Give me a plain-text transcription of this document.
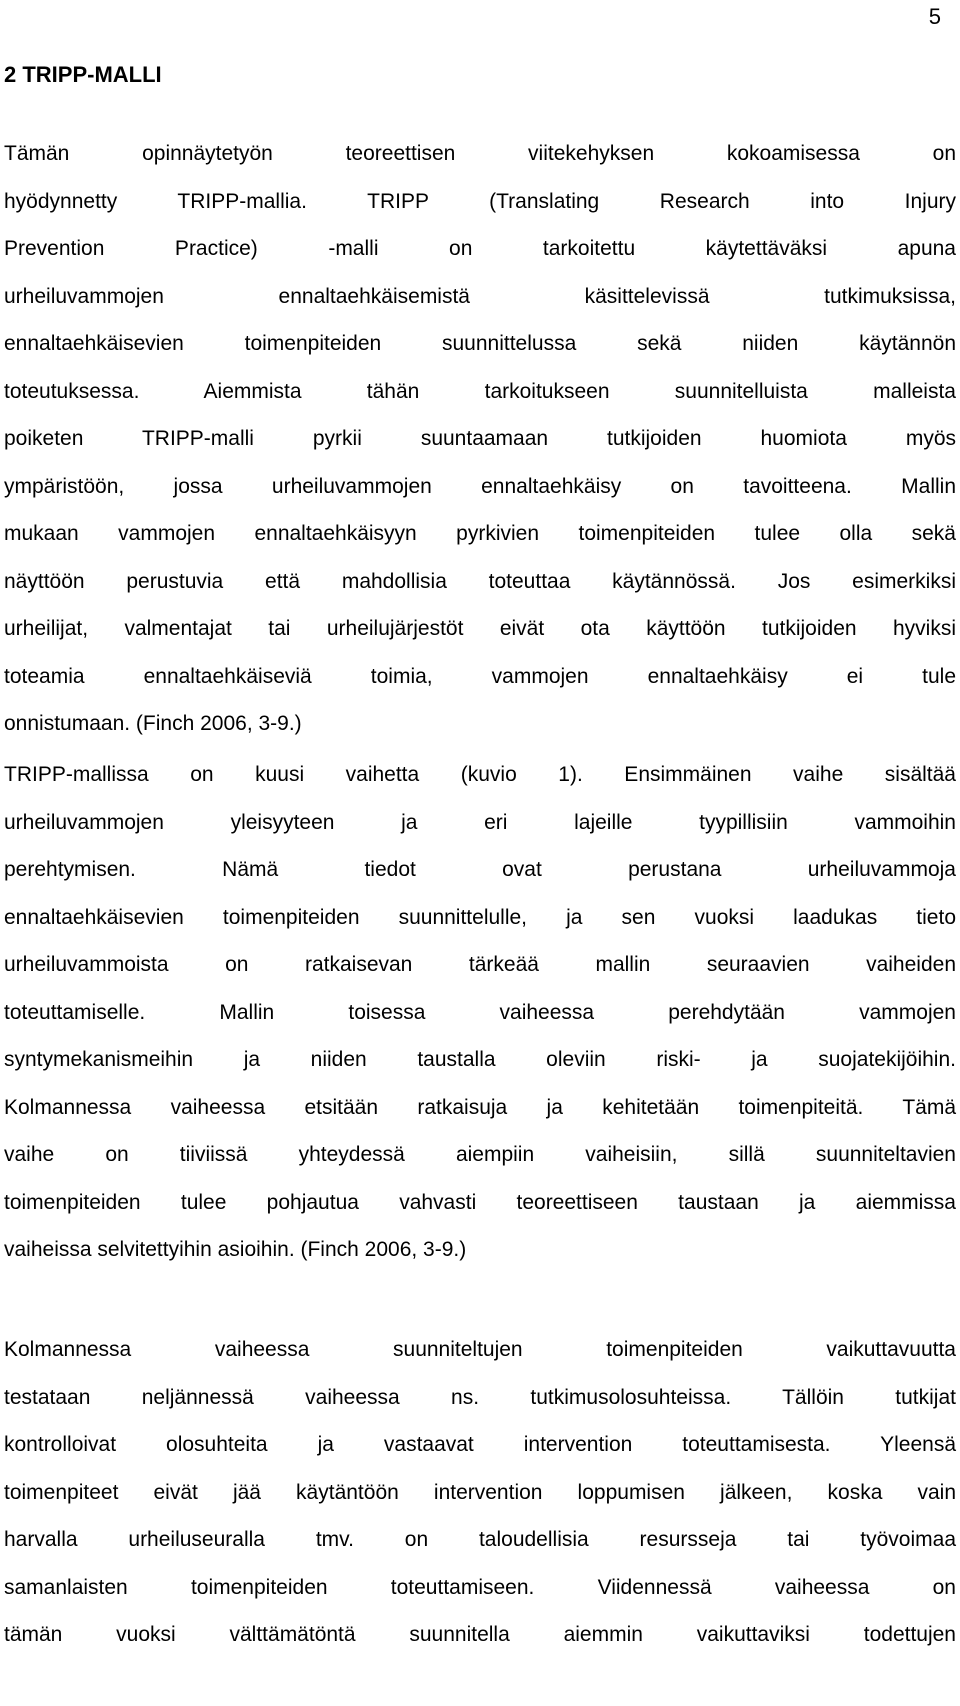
5
2 TRIPP-MALLI
Tämän opinnäytetyön teoreettisen viitekehyksen kokoamisessa on
hyödynnetty TRIPP-mallia. TRIPP (Translating Research into Injury
Prevention Practice) -malli on tarkoitettu käytettäväksi apuna
urheiluvammojen ennaltaehkäisemistä käsittelevissä tutkimuksissa,
ennaltaehkäisevien toimenpiteiden suunnittelussa sekä niiden käytännön
toteutuksessa. Aiemmista tähän tarkoitukseen suunnitelluista malleista
poiketen TRIPP-malli pyrkii suuntaamaan tutkijoiden huomiota myös
ympäristöön, jossa urheiluvammojen ennaltaehkäisy on tavoitteena. Mallin
mukaan vammojen ennaltaehkäisyyn pyrkivien toimenpiteiden tulee olla sekä
näyttöön perustuvia että mahdollisia toteuttaa käytännössä. Jos esimerkiksi
urheilijat, valmentajat tai urheilujärjestöt eivät ota käyttöön tutkijoiden hyviksi
toteamia ennaltaehkäiseviä toimia, vammojen ennaltaehkäisy ei tule
onnistumaan. (Finch 2006, 3-9.)
TRIPP-mallissa on kuusi vaihetta (kuvio 1). Ensimmäinen vaihe sisältää
urheiluvammojen yleisyyteen ja eri lajeille tyypillisiin vammoihin
perehtymisen. Nämä tiedot ovat perustana urheiluvammoja
ennaltaehkäisevien toimenpiteiden suunnittelulle, ja sen vuoksi laadukas tieto
urheiluvammoista on ratkaisevan tärkeää mallin seuraavien vaiheiden
toteuttamiselle. Mallin toisessa vaiheessa perehdytään vammojen
syntymekanismeihin ja niiden taustalla oleviin riski- ja suojatekijöihin.
Kolmannessa vaiheessa etsitään ratkaisuja ja kehitetään toimenpiteitä. Tämä
vaihe on tiiviissä yhteydessä aiempiin vaiheisiin, sillä suunniteltavien
toimenpiteiden tulee pohjautua vahvasti teoreettiseen taustaan ja aiemmissa
vaiheissa selvitettyihin asioihin. (Finch 2006, 3-9.)
Kolmannessa vaiheessa suunniteltujen toimenpiteiden vaikuttavuutta
testataan neljännessä vaiheessa ns. tutkimusolosuhteissa. Tällöin tutkijat
kontrolloivat olosuhteita ja vastaavat intervention toteuttamisesta. Yleensä
toimenpiteet eivät jää käytäntöön intervention loppumisen jälkeen, koska vain
harvalla urheiluseuralla tmv. on taloudellisia resursseja tai työvoimaa
samanlaisten toimenpiteiden toteuttamiseen. Viidennessä vaiheessa on
tämän vuoksi välttämätöntä suunnitella aiemmin vaikuttaviksi todettujen
